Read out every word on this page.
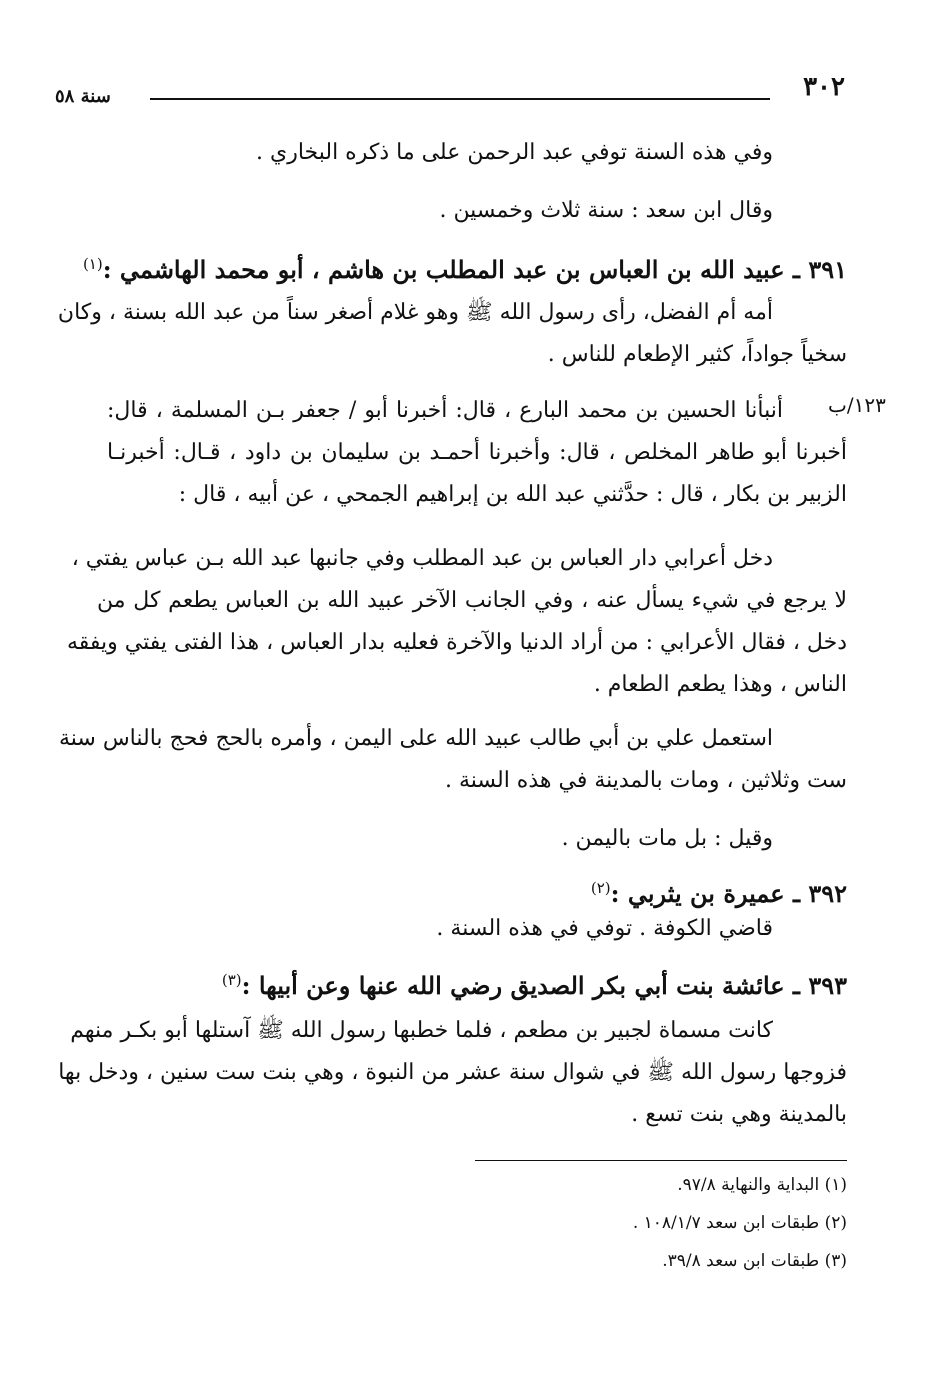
٣٠٢
سنة ٥٨
١٢٣/ب
وفي هذه السنة توفي عبد الرحمن على ما ذكره البخاري .
وقال ابن سعد : سنة ثلاث وخمسين .
٣٩١ ـ عبيد الله بن العباس بن عبد المطلب بن هاشم ، أبو محمد الهاشمي :$^{(١)}$
أمه أم الفضل، رأى رسول الله ﷺ وهو غلام أصغر سناً من عبد الله بسنة ، وكان
سخياً جواداً، كثير الإطعام للناس .
أنبأنا الحسين بن محمد البارع ، قال: أخبرنا أبو / جعفر بـن المسلمة ، قال:
أخبرنا أبو طاهر المخلص ، قال: وأخبرنا أحمـد بن سليمان بن داود ، قـال: أخبرنـا
الزبير بن بكار ، قال : حدَّثني عبد الله بن إبراهيم الجمحي ، عن أبيه ، قال :
دخل أعرابي دار العباس بن عبد المطلب وفي جانبها عبد الله بـن عباس يفتي ،
لا يرجع في شيء يسأل عنه ، وفي الجانب الآخر عبيد الله بن العباس يطعم كل من
دخل ، فقال الأعرابي : من أراد الدنيا والآخرة فعليه بدار العباس ، هذا الفتى يفتي ويفقه
الناس ، وهذا يطعم الطعام .
استعمل علي بن أبي طالب عبيد الله على اليمن ، وأمره بالحج فحج بالناس سنة
ست وثلاثين ، ومات بالمدينة في هذه السنة .
وقيل : بل مات باليمن .
٣٩٢ ـ عميرة بن يثربي :$^{(٢)}$
قاضي الكوفة . توفي في هذه السنة .
٣٩٣ ـ عائشة بنت أبي بكر الصديق رضي الله عنها وعن أبيها :$^{(٣)}$
كانت مسماة لجبير بن مطعم ، فلما خطبها رسول الله ﷺ آستلها أبو بكـر منهم
فزوجها رسول الله ﷺ في شوال سنة عشر من النبوة ، وهي بنت ست سنين ، ودخل بها
بالمدينة وهي بنت تسع .
(١) البداية والنهاية ٩٧/٨.
(٢) طبقات ابن سعد ١٠٨/١/٧ .
(٣) طبقات ابن سعد ٣٩/٨.
